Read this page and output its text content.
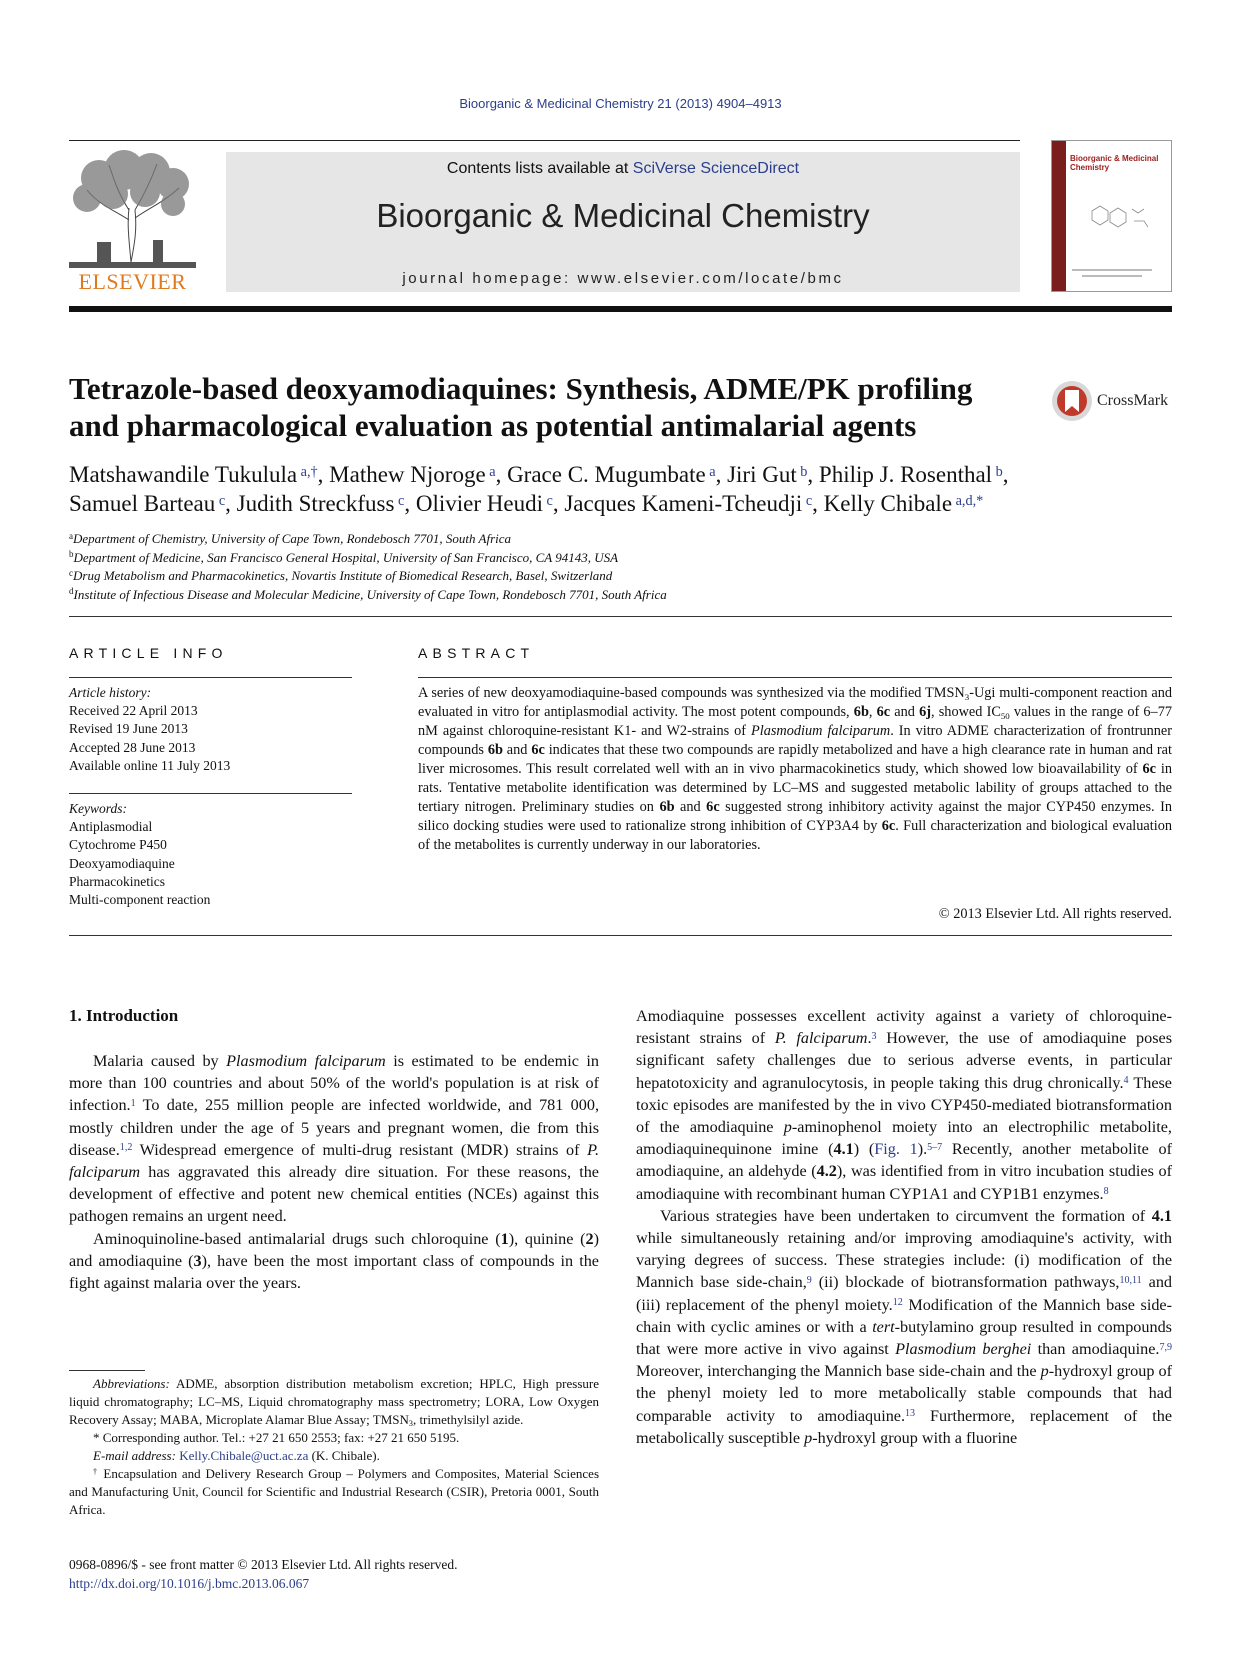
Bioorganic & Medicinal Chemistry 21 (2013) 4904–4913
ELSEVIER
Contents lists available at SciVerse ScienceDirect
Bioorganic & Medicinal Chemistry
journal homepage: www.elsevier.com/locate/bmc
Bioorganic & Medicinal Chemistry
Tetrazole-based deoxyamodiaquines: Synthesis, ADME/PK profiling
and pharmacological evaluation as potential antimalarial agents
CrossMark
Matshawandile Tukulula $^{a,\dagger}$, Mathew Njoroge $^a$, Grace C. Mugumbate $^a$, Jiri Gut $^b$, Philip J. Rosenthal $^b$,
Samuel Barteau $^c$, Judith Streckfuss $^c$, Olivier Heudi $^c$, Jacques Kameni-Tcheudji $^c$, Kelly Chibale $^{a,d,*}$
$^a$Department of Chemistry, University of Cape Town, Rondebosch 7701, South Africa
$^b$Department of Medicine, San Francisco General Hospital, University of San Francisco, CA 94143, USA
$^c$Drug Metabolism and Pharmacokinetics, Novartis Institute of Biomedical Research, Basel, Switzerland
$^d$Institute of Infectious Disease and Molecular Medicine, University of Cape Town, Rondebosch 7701, South Africa
ARTICLE INFO	ABSTRACT
Article history:
Received 22 April 2013
Revised 19 June 2013
Accepted 28 June 2013
Available online 11 July 2013
Keywords:
Antiplasmodial
Cytochrome P450
Deoxyamodiaquine
Pharmacokinetics
Multi-component reaction
A series of new deoxyamodiaquine-based compounds was synthesized via the modified $TMSN_3$-Ugi multi-component reaction and evaluated in vitro for antiplasmodial activity. The most potent compounds, 6b, 6c and 6j, showed $IC_{50}$ values in the range of 6–77 nM against chloroquine-resistant K1- and W2-strains of Plasmodium falciparum. In vitro ADME characterization of frontrunner compounds 6b and 6c indicates that these two compounds are rapidly metabolized and have a high clearance rate in human and rat liver microsomes. This result correlated well with an in vivo pharmacokinetics study, which showed low bioavailability of 6c in rats. Tentative metabolite identification was determined by LC–MS and suggested metabolic lability of groups attached to the tertiary nitrogen. Preliminary studies on 6b and 6c suggested strong inhibitory activity against the major CYP450 enzymes. In silico docking studies were used to rationalize strong inhibition of CYP3A4 by 6c. Full characterization and biological evaluation of the metabolites is currently underway in our laboratories.
© 2013 Elsevier Ltd. All rights reserved.
1. Introduction

Malaria caused by Plasmodium falciparum is estimated to be endemic in more than 100 countries and about 50% of the world's population is at risk of infection.$^1$ To date, 255 million people are infected worldwide, and 781 000, mostly children under the age of 5 years and pregnant women, die from this disease.$^{1,2}$ Widespread emergence of multi-drug resistant (MDR) strains of P. falciparum has aggravated this already dire situation. For these reasons, the development of effective and potent new chemical entities (NCEs) against this pathogen remains an urgent need.

Aminoquinoline-based antimalarial drugs such chloroquine (1), quinine (2) and amodiaquine (3), have been the most important class of compounds in the fight against malaria over the years.

Amodiaquine possesses excellent activity against a variety of chloroquine-resistant strains of P. falciparum.$^3$ However, the use of amodiaquine poses significant safety challenges due to serious adverse events, in particular hepatotoxicity and agranulocytosis, in people taking this drug chronically.$^4$ These toxic episodes are manifested by the in vivo CYP450-mediated biotransformation of the amodiaquine p-aminophenol moiety into an electrophilic metabolite, amodiaquinequinone imine (4.1) (Fig. 1).$^{5-7}$ Recently, another metabolite of amodiaquine, an aldehyde (4.2), was identified from in vitro incubation studies of amodiaquine with recombinant human CYP1A1 and CYP1B1 enzymes.$^8$

Various strategies have been undertaken to circumvent the formation of 4.1 while simultaneously retaining and/or improving amodiaquine's activity, with varying degrees of success. These strategies include: (i) modification of the Mannich base side-chain,$^9$ (ii) blockade of biotransformation pathways,$^{10,11}$ and (iii) replacement of the phenyl moiety.$^{12}$ Modification of the Mannich base side-chain with cyclic amines or with a tert-butylamino group resulted in compounds that were more active in vivo against Plasmodium berghei than amodiaquine.$^{7,9}$ Moreover, interchanging the Mannich base side-chain and the p-hydroxyl group of the phenyl moiety led to more metabolically stable compounds that had comparable activity to amodiaquine.$^{13}$ Furthermore, replacement of the metabolically susceptible p-hydroxyl group with a fluorine

Abbreviations: ADME, absorption distribution metabolism excretion; HPLC, High pressure liquid chromatography; LC–MS, Liquid chromatography mass spectrometry; LORA, Low Oxygen Recovery Assay; MABA, Microplate Alamar Blue Assay; $TMSN_3$, trimethylsilyl azide.

* Corresponding author. Tel.: +27 21 650 2553; fax: +27 21 650 5195.

E-mail address: Kelly.Chibale@uct.ac.za (K. Chibale).

† Encapsulation and Delivery Research Group – Polymers and Composites, Material Sciences and Manufacturing Unit, Council for Scientific and Industrial Research (CSIR), Pretoria 0001, South Africa.

0968-0896/$ - see front matter © 2013 Elsevier Ltd. All rights reserved.
http://dx.doi.org/10.1016/j.bmc.2013.06.067
